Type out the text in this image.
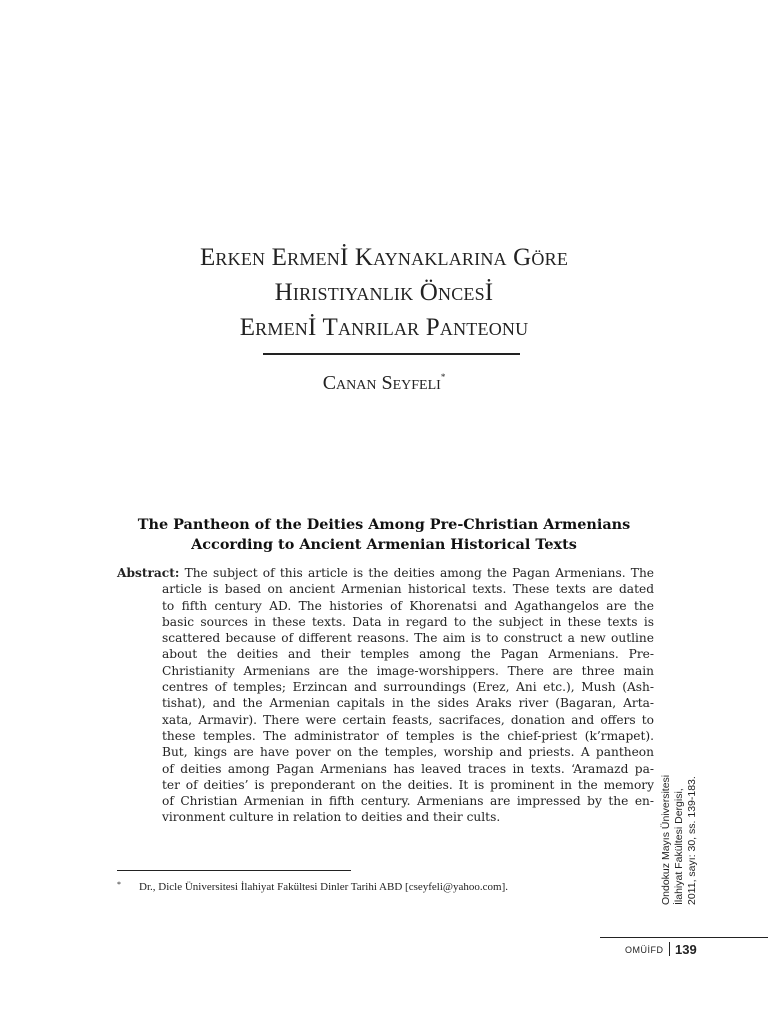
Erken Ermenİ Kaynaklarına Göre
Hırıstıyanlık Öncesİ
Ermenİ Tanrılar Panteonu
Canan Seyfeli*
The Pantheon of the Deities Among Pre-Christian Armenians
According to Ancient Armenian Historical Texts
Abstract: The subject of this article is the deities among the Pagan Armenians. The
article is based on ancient Armenian historical texts. These texts are dated
to fifth century AD. The histories of Khorenatsi and Agathangelos are the
basic sources in these texts. Data in regard to the subject in these texts is
scattered because of different reasons. The aim is to construct a new outline
about the deities and their temples among the Pagan Armenians. Pre-
Christianity Armenians are the image-worshippers. There are three main
centres of temples; Erzincan and surroundings (Erez, Ani etc.), Mush (Ash-
tishat), and the Armenian capitals in the sides Araks river (Bagaran, Arta-
xata, Armavir). There were certain feasts, sacrifaces, donation and offers to
these temples. The administrator of temples is the chief-priest (k’rmapet).
But, kings are have pover on the temples, worship and priests. A pantheon
of deities among Pagan Armenians has leaved traces in texts. ‘Aramazd pa-
ter of deities’ is preponderant on the deities. It is prominent in the memory
of Christian Armenian in fifth century. Armenians are impressed by the en-
vironment culture in relation to deities and their cults.
* Dr., Dicle Üniversitesi İlahiyat Fakültesi Dinler Tarihi ABD [cseyfeli@yahoo.com].	Ondokuz Mayıs Üniversitesi İlahiyat Fakültesi Dergisi, 2011, sayı: 30, ss. 139-183.
OMÜİFD 139
